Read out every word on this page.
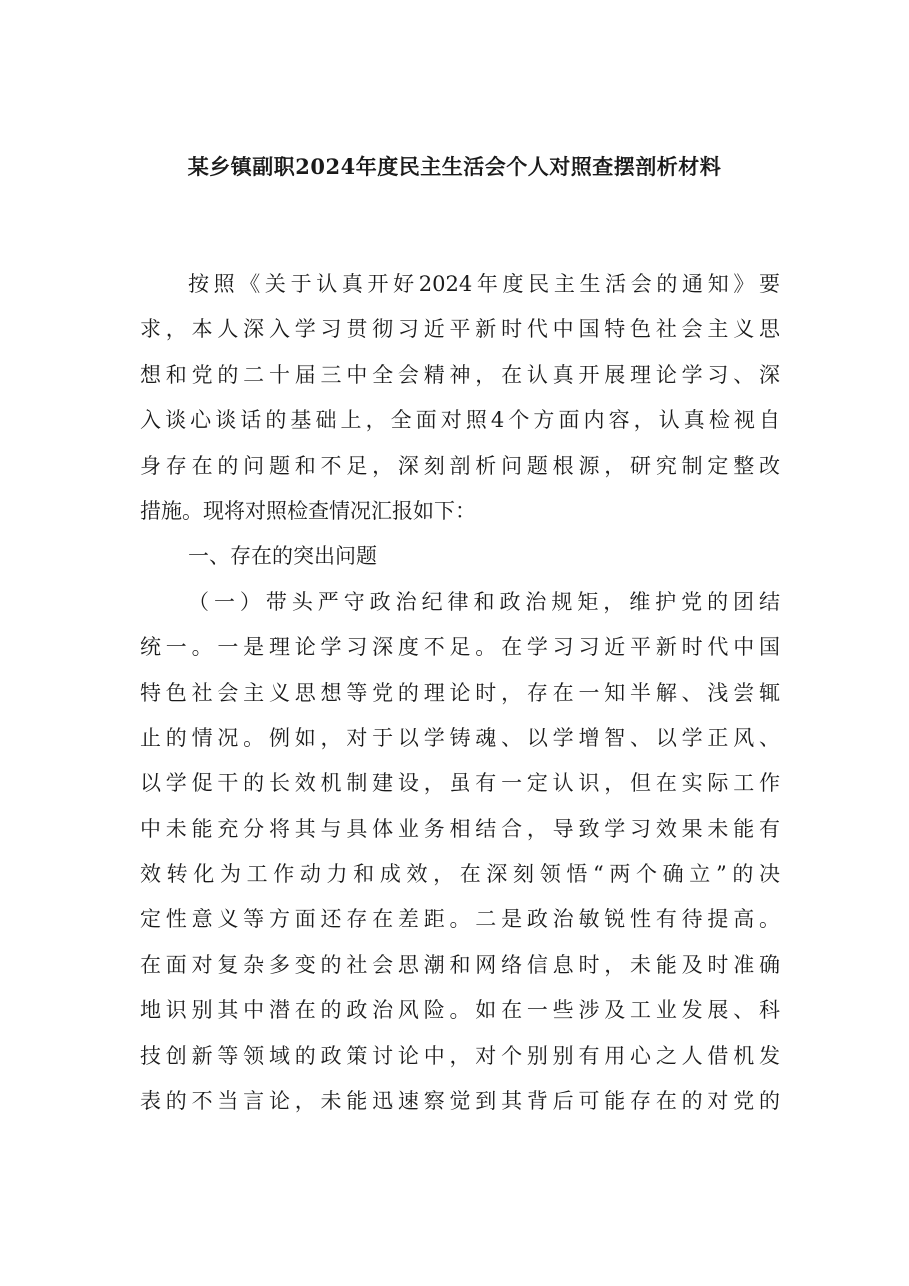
某乡镇副职2024年度民主生活会个人对照查摆剖析材料
按照《关于认真开好2024年度民主生活会的通知》要
求，本人深入学习贯彻习近平新时代中国特色社会主义思
想和党的二十届三中全会精神，在认真开展理论学习、深
入谈心谈话的基础上，全面对照4个方面内容，认真检视自
身存在的问题和不足，深刻剖析问题根源，研究制定整改
措施。现将对照检查情况汇报如下：
一、存在的突出问题
（一）带头严守政治纪律和政治规矩，维护党的团结
统一。一是理论学习深度不足。在学习习近平新时代中国
特色社会主义思想等党的理论时，存在一知半解、浅尝辄
止的情况。例如，对于以学铸魂、以学增智、以学正风、
以学促干的长效机制建设，虽有一定认识，但在实际工作
中未能充分将其与具体业务相结合，导致学习效果未能有
效转化为工作动力和成效，在深刻领悟“两个确立”的决
定性意义等方面还存在差距。二是政治敏锐性有待提高。
在面对复杂多变的社会思潮和网络信息时，未能及时准确
地识别其中潜在的政治风险。如在一些涉及工业发展、科
技创新等领域的政策讨论中，对个别别有用心之人借机发
表的不当言论，未能迅速察觉到其背后可能存在的对党的
